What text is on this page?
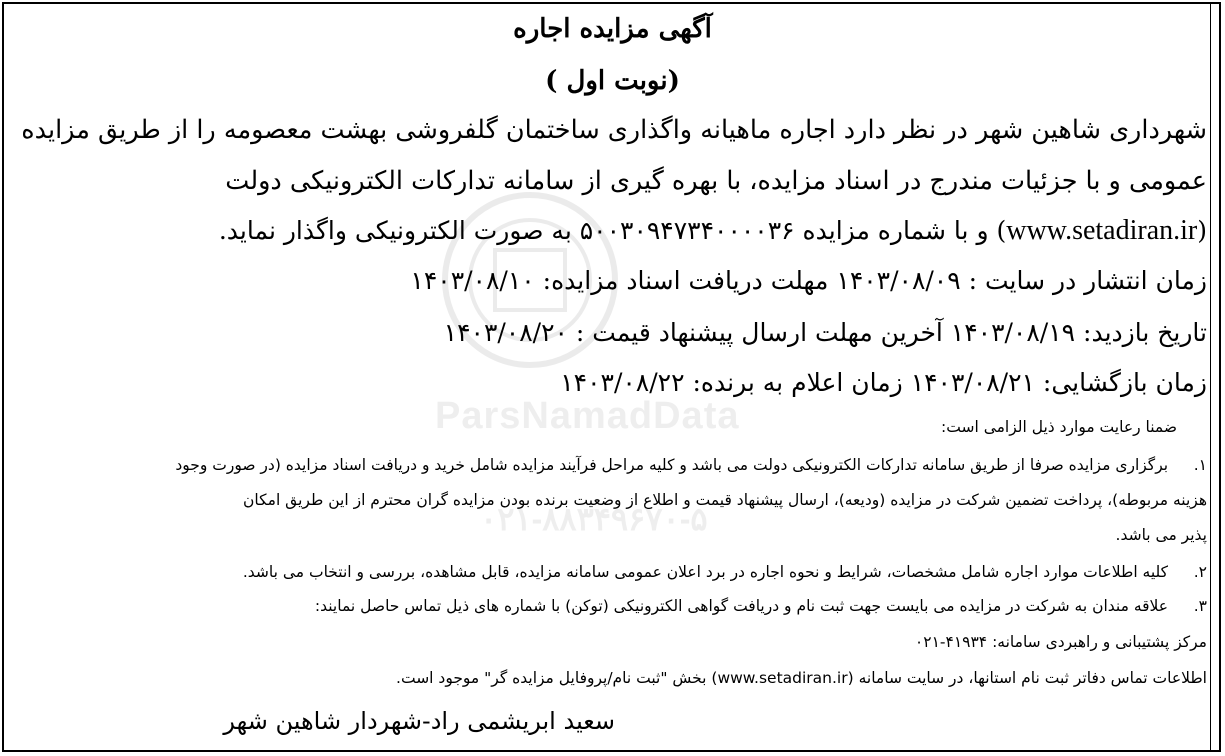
ParsNamadData
۰۲۱-۸۸۳۴۹۶۷۰-۵
آگهی مزایده اجاره
(نوبت اول )
شهرداری شاهین شهر در نظر دارد اجاره ماهیانه واگذاری ساختمان گلفروشی بهشت معصومه را از طریق مزایده
عمومی و با جزئیات مندرج در اسناد مزایده، با بهره گیری از سامانه تدارکات الکترونیکی دولت
(www.setadiran.ir) و با شماره مزایده ۵۰۰۳۰۹۴۷۳۴۰۰۰۰۳۶ به صورت الکترونیکی واگذار نماید.
زمان انتشار در سایت : ۱۴۰۳/۰۸/۰۹ مهلت دریافت اسناد مزایده: ۱۴۰۳/۰۸/۱۰
تاریخ بازدید: ۱۴۰۳/۰۸/۱۹ آخرین مهلت ارسال پیشنهاد قیمت : ۱۴۰۳/۰۸/۲۰
زمان بازگشایی: ۱۴۰۳/۰۸/۲۱ زمان اعلام به برنده: ۱۴۰۳/۰۸/۲۲
ضمنا رعایت موارد ذیل الزامی است:
۱. برگزاری مزایده صرفا از طریق سامانه تدارکات الکترونیکی دولت می باشد و کلیه مراحل فرآیند مزایده شامل خرید و دریافت اسناد مزایده (در صورت وجود
هزینه مربوطه)، پرداخت تضمین شرکت در مزایده (ودیعه)، ارسال پیشنهاد قیمت و اطلاع از وضعیت برنده بودن مزایده گران محترم از این طریق امکان
پذیر می باشد.
۲. کلیه اطلاعات موارد اجاره شامل مشخصات، شرایط و نحوه اجاره در برد اعلان عمومی سامانه مزایده، قابل مشاهده، بررسی و انتخاب می باشد.
۳. علاقه مندان به شرکت در مزایده می بایست جهت ثبت نام و دریافت گواهی الکترونیکی (توکن) با شماره های ذیل تماس حاصل نمایند:
مرکز پشتیبانی و راهبردی سامانه: ۴۱۹۳۴-۰۲۱
اطلاعات تماس دفاتر ثبت نام استانها، در سایت سامانه (www.setadiran.ir) بخش "ثبت نام/پروفایل مزایده گر" موجود است.
سعید ابریشمی راد-شهردار شاهین شهر
